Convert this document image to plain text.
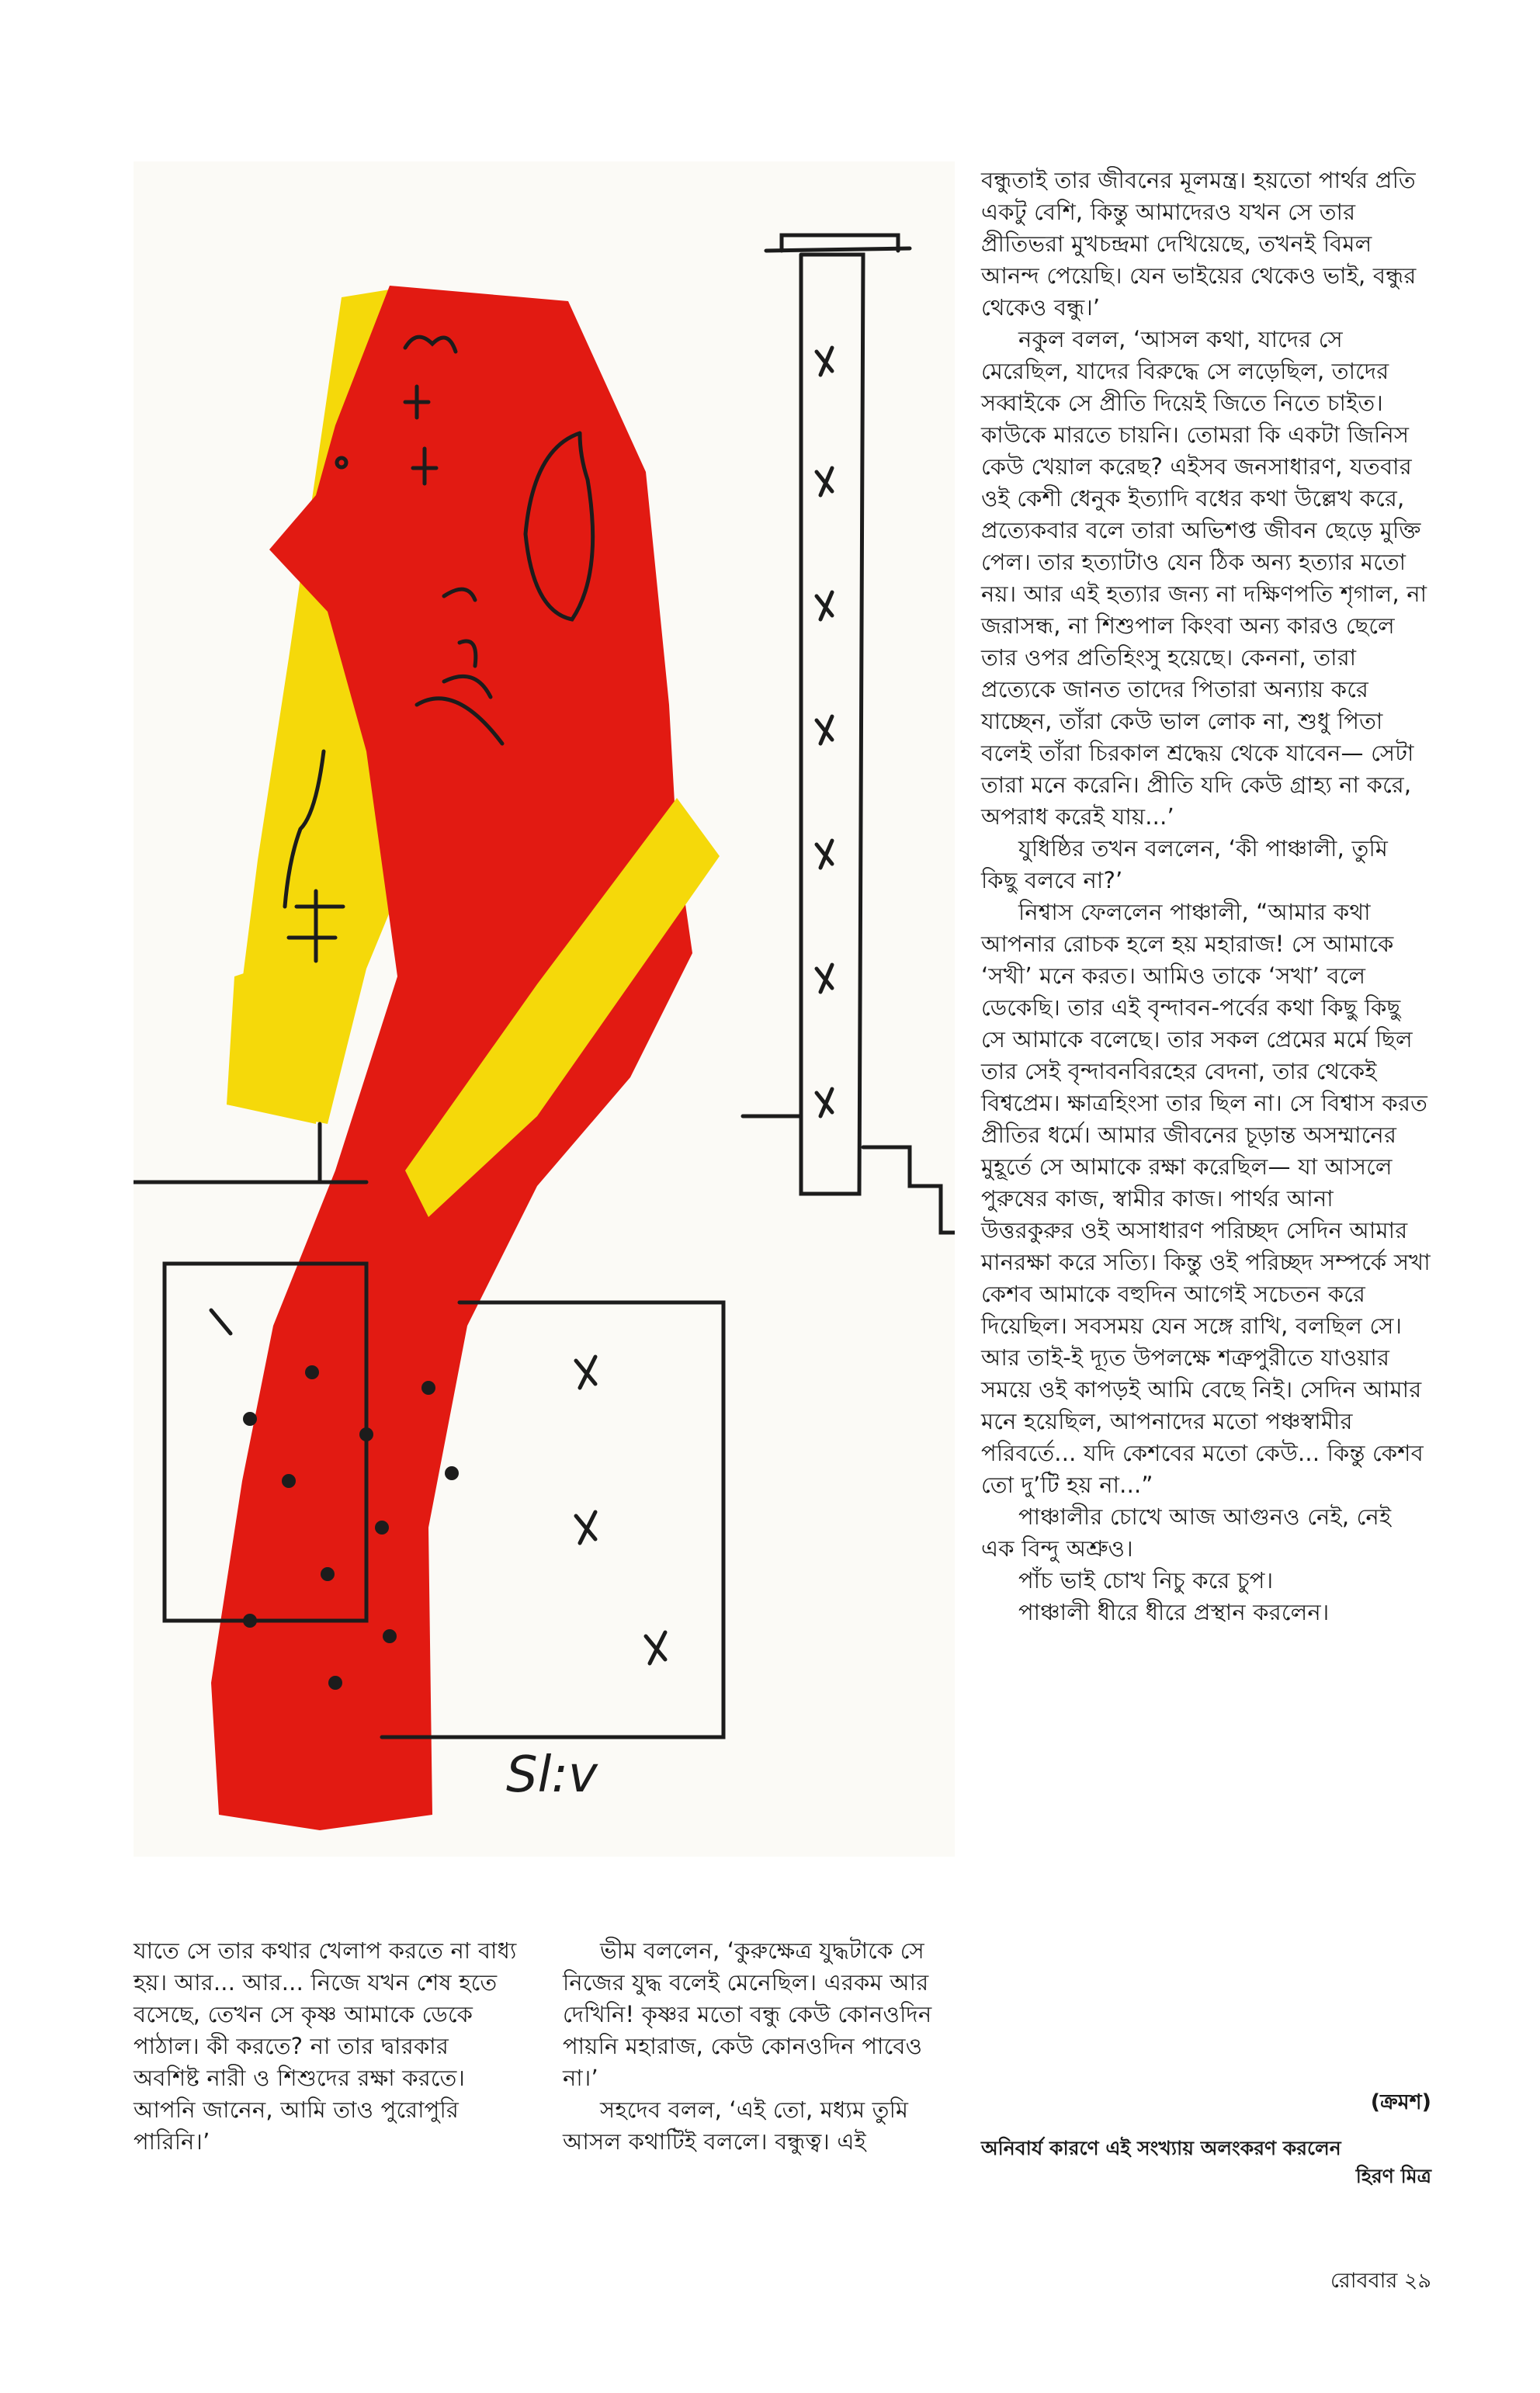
Sl:v

বন্ধুতাই তার জীবনের মূলমন্ত্র। হয়তো পার্থর প্রতি একটু বেশি, কিন্তু আমাদেরও যখন সে তার প্রীতিভরা মুখচন্দ্রমা দেখিয়েছে, তখনই বিমল আনন্দ পেয়েছি। যেন ভাইয়ের থেকেও ভাই, বন্ধুর থেকেও বন্ধু।’

নকুল বলল, ‘আসল কথা, যাদের সে মেরেছিল, যাদের বিরুদ্ধে সে লড়েছিল, তাদের সব্বাইকে সে প্রীতি দিয়েই জিতে নিতে চাইত। কাউকে মারতে চায়নি। তোমরা কি একটা জিনিস কেউ খেয়াল করেছ? এইসব জনসাধারণ, যতবার ওই কেশী ধেনুক ইত্যাদি বধের কথা উল্লেখ করে, প্রত্যেকবার বলে তারা অভিশপ্ত জীবন ছেড়ে মুক্তি পেল। তার হত্যাটাও যেন ঠিক অন্য হত্যার মতো নয়। আর এই হত্যার জন্য না দক্ষিণপতি শৃগাল, না জরাসন্ধ, না শিশুপাল কিংবা অন্য কারও ছেলে তার ওপর প্রতিহিংসু হয়েছে। কেননা, তারা প্রত্যেকে জানত তাদের পিতারা অন্যায় করে যাচ্ছেন, তাঁরা কেউ ভাল লোক না, শুধু পিতা বলেই তাঁরা চিরকাল শ্রদ্ধেয় থেকে যাবেন— সেটা তারা মনে করেনি। প্রীতি যদি কেউ গ্রাহ্য না করে, অপরাধ করেই যায়...’

যুধিষ্ঠির তখন বললেন, ‘কী পাঞ্চালী, তুমি কিছু বলবে না?’

নিশ্বাস ফেললেন পাঞ্চালী, “আমার কথা আপনার রোচক হলে হয় মহারাজ! সে আমাকে ‘সখী’ মনে করত। আমিও তাকে ‘সখা’ বলে ডেকেছি। তার এই বৃন্দাবন-পর্বের কথা কিছু কিছু সে আমাকে বলেছে। তার সকল প্রেমের মর্মে ছিল তার সেই বৃন্দাবনবিরহের বেদনা, তার থেকেই বিশ্বপ্রেম। ক্ষাত্রহিংসা তার ছিল না। সে বিশ্বাস করত প্রীতির ধর্মে। আমার জীবনের চূড়ান্ত অসম্মানের মুহূর্তে সে আমাকে রক্ষা করেছিল— যা আসলে পুরুষের কাজ, স্বামীর কাজ। পার্থর আনা উত্তরকুরুর ওই অসাধারণ পরিচ্ছদ সেদিন আমার মানরক্ষা করে সত্যি। কিন্তু ওই পরিচ্ছদ সম্পর্কে সখা কেশব আমাকে বহুদিন আগেই সচেতন করে দিয়েছিল। সবসময় যেন সঙ্গে রাখি, বলছিল সে। আর তাই-ই দ্যূত উপলক্ষে শত্রুপুরীতে যাওয়ার সময়ে ওই কাপড়ই আমি বেছে নিই। সেদিন আমার মনে হয়েছিল, আপনাদের মতো পঞ্চস্বামীর পরিবর্তে... যদি কেশবের মতো কেউ... কিন্তু কেশব তো দু’টি হয় না...”

পাঞ্চালীর চোখে আজ আগুনও নেই, নেই এক বিন্দু অশ্রুও।

পাঁচ ভাই চোখ নিচু করে চুপ।

পাঞ্চালী ধীরে ধীরে প্রস্থান করলেন।

যাতে সে তার কথার খেলাপ করতে না বাধ্য হয়। আর... আর... নিজে যখন শেষ হতে বসেছে, তেখন সে কৃষ্ণ আমাকে ডেকে পাঠাল। কী করতে? না তার দ্বারকার অবশিষ্ট নারী ও শিশুদের রক্ষা করতে। আপনি জানেন, আমি তাও পুরোপুরি পারিনি।’

ভীম বললেন, ‘কুরুক্ষেত্র যুদ্ধটাকে সে নিজের যুদ্ধ বলেই মেনেছিল। এরকম আর দেখিনি! কৃষ্ণর মতো বন্ধু কেউ কোনওদিন পায়নি মহারাজ, কেউ কোনওদিন পাবেও না।’

সহদেব বলল, ‘এই তো, মধ্যম তুমি আসল কথাটিই বললে। বন্ধুত্ব। এই

(ক্রমশ)
অনিবার্য কারণে এই সংখ্যায় অলংকরণ করলেন
হিরণ মিত্র
রোববার ২৯
